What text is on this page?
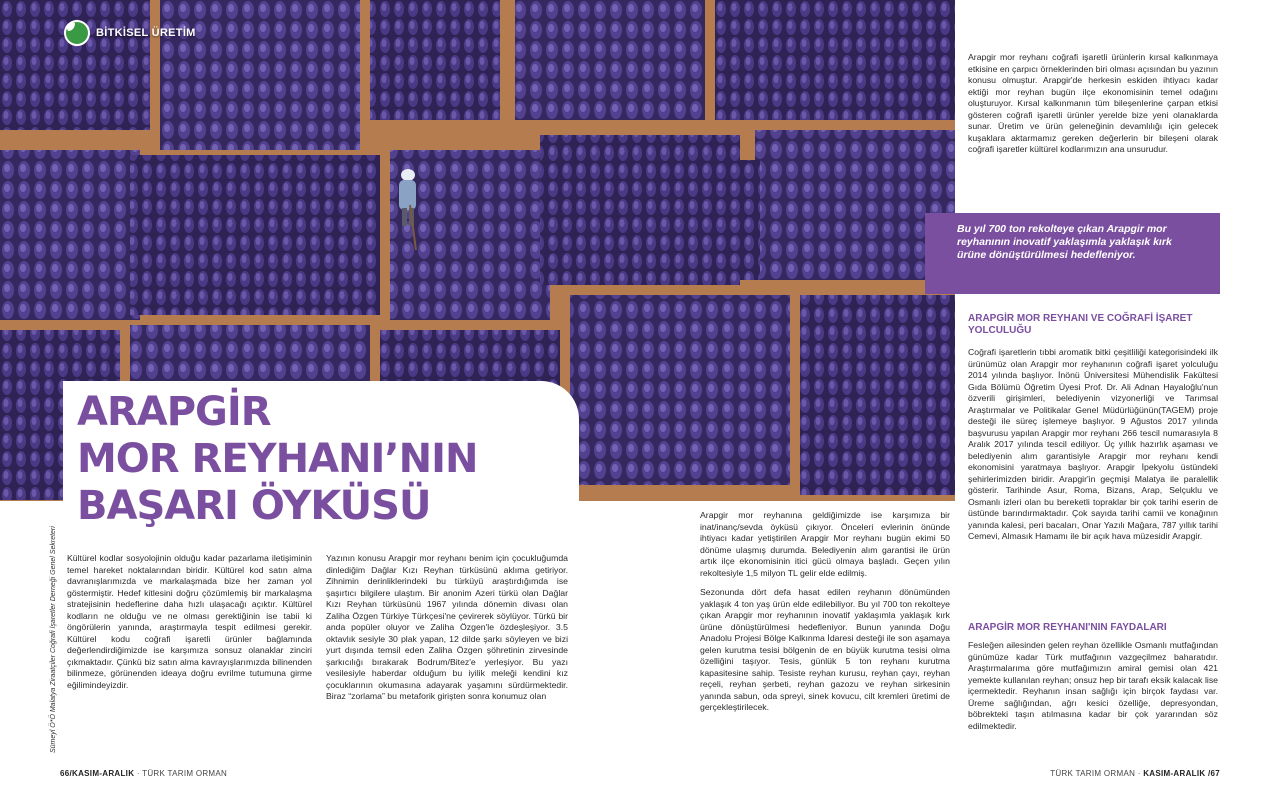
BİTKİSEL ÜRETİM
ARAPGİR
MOR REYHANI’NIN
BAŞARI ÖYKÜSÜ
Sümeyl Ö*Ö Malatya Ziraatçiler Coğrafi İşaretler Derneği Genel Sekreteri Kültürel kodlar sosyolojinin olduğu kadar pazarlama iletişiminin temel hareket noktalarından biridir. Kültürel kod satın alma davranışlarımızda ve markalaşmada bize her zaman yol göstermiştir. Hedef kitlesini doğru çözümlemiş bir markalaşma stratejisinin hedeflerine daha hızlı ulaşacağı açıktır. Kültürel kodların ne olduğu ve ne olması gerektiğinin ise tabii ki öngörülerin yanında, araştırmayla tespit edilmesi gerekir. Kültürel kodu coğrafi işaretli ürünler bağlamında değerlendirdiğimizde ise karşımıza sonsuz olanaklar zinciri çıkmaktadır. Çünkü biz satın alma kavrayışlarımızda bilinenden bilinmeze, görünenden ideaya doğru evrilme tutumuna girme eğilimindeyizdir.

Yazının konusu Arapgir mor reyhanı benim için çocukluğumda dinlediğim Dağlar Kızı Reyhan türküsünü aklıma getiriyor. Zihnimin derinliklerindeki bu türküyü araştırdığımda ise şaşırtıcı bilgilere ulaştım. Bir anonim Azeri türkü olan Dağlar Kızı Reyhan türküsünü 1967 yılında dönemin divası olan Zaliha Özgen Türkiye Türkçesi'ne çevirerek söylüyor. Türkü bir anda popüler oluyor ve Zaliha Özgen'le özdeşleşiyor. 3.5 oktavlık sesiyle 30 plak yapan, 12 dilde şarkı söyleyen ve bizi yurt dışında temsil eden Zaliha Özgen şöhretinin zirvesinde şarkıcılığı bırakarak Bodrum/Bitez'e yerleşiyor. Bu yazı vesilesiyle haberdar olduğum bu iyilik meleği kendini kız çocuklarının okumasına adayarak yaşamını sürdürmektedir. Biraz “zorlama” bu metaforik girişten sonra konumuz olan

Arapgir mor reyhanına geldiğimizde ise karşımıza bir inat/inanç/sevda öyküsü çıkıyor. Önceleri evlerinin önünde ihtiyacı kadar yetiştirilen Arapgir Mor reyhanı bugün ekimi 50 dönüme ulaşmış durumda. Belediyenin alım garantisi ile ürün artık ilçe ekonomisinin itici gücü olmaya başladı. Geçen yılın rekoltesiyle 1,5 milyon TL gelir elde edilmiş.

Sezonunda dört defa hasat edilen reyhanın dönümünden yaklaşık 4 ton yaş ürün elde edilebiliyor. Bu yıl 700 ton rekolteye çıkan Arapgir mor reyhanının inovatif yaklaşımla yaklaşık kırk ürüne dönüştürülmesi hedefleniyor. Bunun yanında Doğu Anadolu Projesi Bölge Kalkınma İdaresi desteği ile son aşamaya gelen kurutma tesisi bölgenin de en büyük kurutma tesisi olma özelliğini taşıyor. Tesis, günlük 5 ton reyhanı kurutma kapasitesine sahip. Tesiste reyhan kurusu, reyhan çayı, reyhan reçeli, reyhan şerbeti, reyhan gazozu ve reyhan sirkesinin yanında sabun, oda spreyi, sinek kovucu, cilt kremleri üretimi de gerçekleştirilecek.

Arapgir mor reyhanı coğrafi işaretli ürünlerin kırsal kalkınmaya etkisine en çarpıcı örneklerinden biri olması açısından bu yazının konusu olmuştur. Arapgir'de herkesin eskiden ihtiyacı kadar ektiği mor reyhan bugün ilçe ekonomisinin temel odağını oluşturuyor. Kırsal kalkınmanın tüm bileşenlerine çarpan etkisi gösteren coğrafi işaretli ürünler yerelde bize yeni olanaklarda sunar. Üretim ve ürün geleneğinin devamlılığı için gelecek kuşaklara aktarmamız gereken değerlerin bir bileşeni olarak coğrafi işaretler kültürel kodlarımızın ana unsurudur.

Bu yıl 700 ton rekolteye çıkan Arapgir mor reyhanının inovatif yaklaşımla yaklaşık kırk ürüne dönüştürülmesi hedefleniyor.
ARAPGİR MOR REYHANI VE COĞRAFİ İŞARET YOLCULUĞU

Coğrafi işaretlerin tıbbi aromatik bitki çeşitliliği kategorisindeki ilk ürünümüz olan Arapgir mor reyhanının coğrafi işaret yolculuğu 2014 yılında başlıyor. İnönü Üniversitesi Mühendislik Fakültesi Gıda Bölümü Öğretim Üyesi Prof. Dr. Ali Adnan Hayaloğlu'nun özverili girişimleri, belediyenin vizyonerliği ve Tarımsal Araştırmalar ve Politikalar Genel Müdürlüğünün(TAGEM) proje desteği ile süreç işlemeye başlıyor. 9 Ağustos 2017 yılında başvurusu yapılan Arapgir mor reyhanı 266 tescil numarasıyla 8 Aralık 2017 yılında tescil ediliyor. Üç yıllık hazırlık aşaması ve belediyenin alım garantisiyle Arapgir mor reyhanı kendi ekonomisini yaratmaya başlıyor. Arapgir İpekyolu üstündeki şehirlerimizden biridir. Arapgir'in geçmişi Malatya ile paralellik gösterir. Tarihinde Asur, Roma, Bizans, Arap, Selçuklu ve Osmanlı izleri olan bu bereketli topraklar bir çok tarihi eserin de üstünde barındırmaktadır. Çok sayıda tarihi camii ve konağının yanında kalesi, peri bacaları, Onar Yazılı Mağara, 787 yıllık tarihi Cemevi, Almasık Hamamı ile bir açık hava müzesidir Arapgir.

ARAPGİR MOR REYHANI'NIN FAYDALARI

Fesleğen ailesinden gelen reyhan özellikle Osmanlı mutfağından günümüze kadar Türk mutfağının vazgeçilmez baharatıdır. Araştırmalarıma göre mutfağımızın amiral gemisi olan 421 yemekte kullanılan reyhan; onsuz hep bir tarafı eksik kalacak lise içermektedir. Reyhanın insan sağlığı için birçok faydası var. Üreme sağlığından, ağrı kesici özelliğe, depresyondan, böbrekteki taşın atılmasına kadar bir çok yararından söz edilmektedir.

66/KASIM-ARALIK · TÜRK TARIM ORMAN	TÜRK TARIM ORMAN · KASIM-ARALIK /67
